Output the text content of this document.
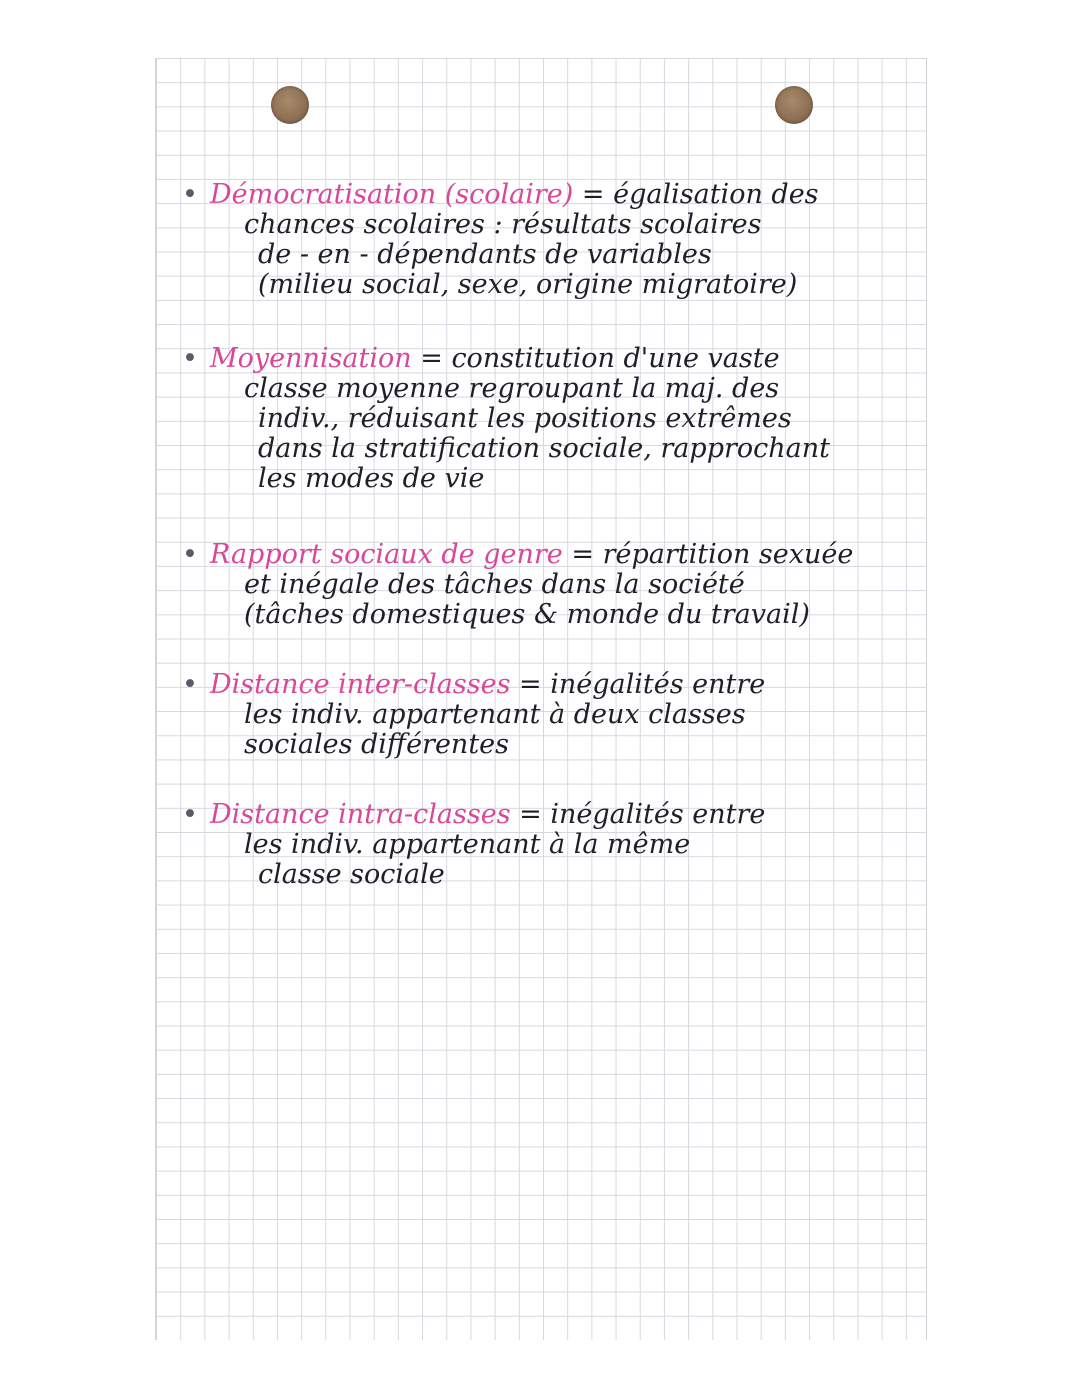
• Démocratisation (scolaire) = égalisation des
chances scolaires : résultats scolaires
de - en - dépendants de variables
(milieu social, sexe, origine migratoire)
• Moyennisation = constitution d'une vaste
classe moyenne regroupant la maj. des
indiv., réduisant les positions extrêmes
dans la stratification sociale, rapprochant
les modes de vie
• Rapport sociaux de genre = répartition sexuée
et inégale des tâches dans la société
(tâches domestiques & monde du travail)
• Distance inter-classes = inégalités entre
les indiv. appartenant à deux classes
sociales différentes
• Distance intra-classes = inégalités entre
les indiv. appartenant à la même
classe sociale
